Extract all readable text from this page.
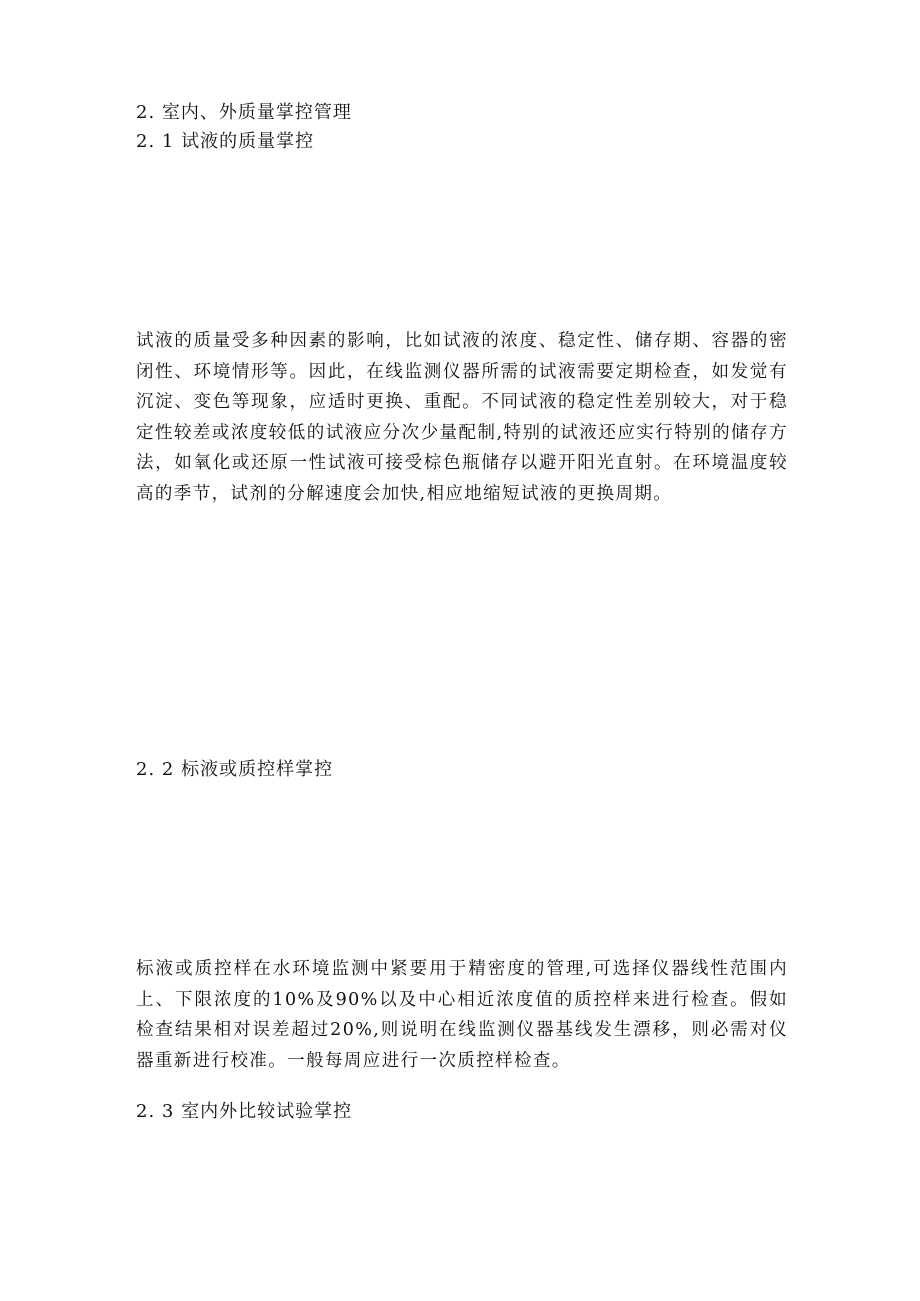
2. 室内、外质量掌控管理
2. 1 试液的质量掌控

试液的质量受多种因素的影响，比如试液的浓度、稳定性、储存期、容器的密闭性、环境情形等。因此，在线监测仪器所需的试液需要定期检查，如发觉有沉淀、变色等现象，应适时更换、重配。不同试液的稳定性差别较大，对于稳定性较差或浓度较低的试液应分次少量配制,特别的试液还应实行特别的储存方法，如氧化或还原一性试液可接受棕色瓶储存以避开阳光直射。在环境温度较高的季节，试剂的分解速度会加快,相应地缩短试液的更换周期。

2. 2 标液或质控样掌控

标液或质控样在水环境监测中紧要用于精密度的管理,可选择仪器线性范围内上、下限浓度的10%及90%以及中心相近浓度值的质控样来进行检查。假如检查结果相对误差超过20%,则说明在线监测仪器基线发生漂移，则必需对仪器重新进行校准。一般每周应进行一次质控样检查。

2. 3 室内外比较试验掌控
